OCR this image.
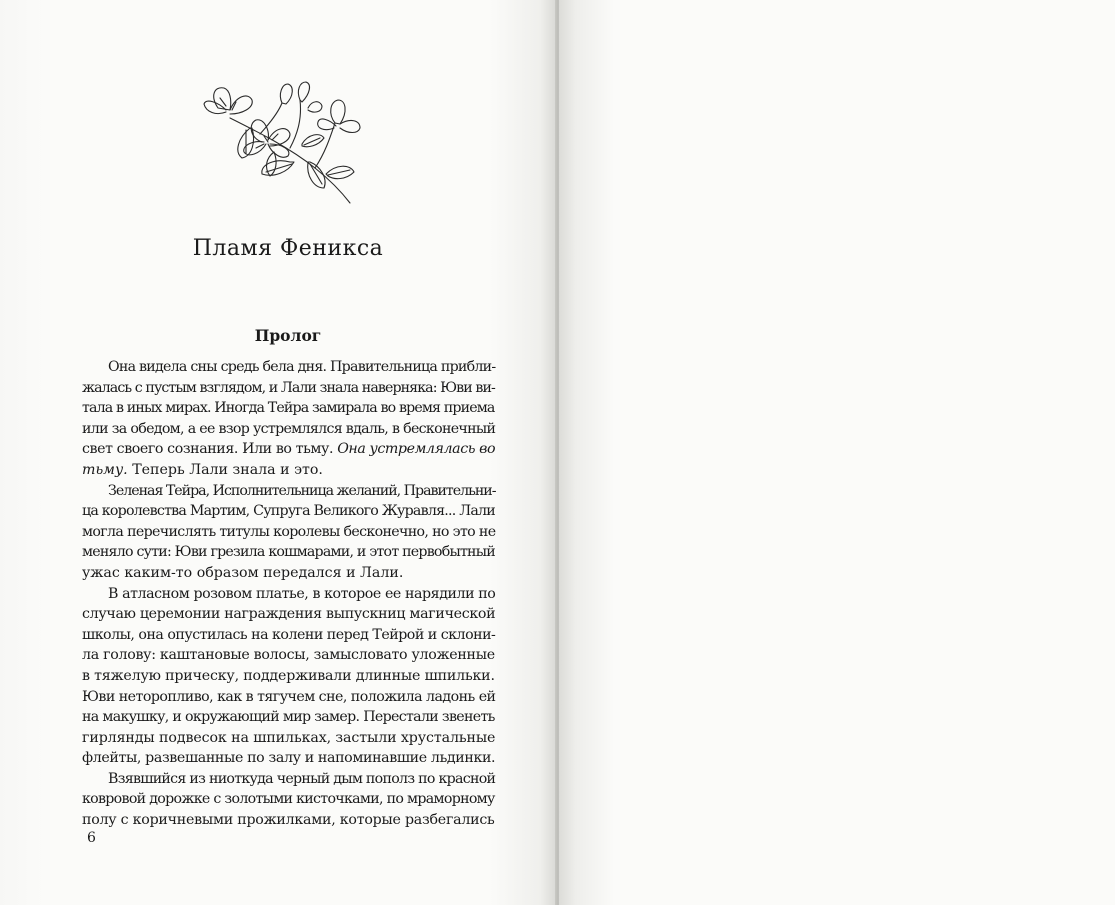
Пламя Феникса
Пролог
Она видела сны средь бела дня. Правительница прибли-
жалась с пустым взглядом, и Лали знала наверняка: Юви ви-
тала в иных мирах. Иногда Тейра замирала во время приема
или за обедом, а ее взор устремлялся вдаль, в бесконечный
свет своего сознания. Или во тьму. Она устремлялась во
тьму. Теперь Лали знала и это.
Зеленая Тейра, Исполнительница желаний, Правительни-
ца королевства Мартим, Супруга Великого Журавля... Лали
могла перечислять титулы королевы бесконечно, но это не
меняло сути: Юви грезила кошмарами, и этот первобытный
ужас каким-то образом передался и Лали.
В атласном розовом платье, в которое ее нарядили по
случаю церемонии награждения выпускниц магической
школы, она опустилась на колени перед Тейрой и склони-
ла голову: каштановые волосы, замысловато уложенные
в тяжелую прическу, поддерживали длинные шпильки.
Юви неторопливо, как в тягучем сне, положила ладонь ей
на макушку, и окружающий мир замер. Перестали звенеть
гирлянды подвесок на шпильках, застыли хрустальные
флейты, развешанные по залу и напоминавшие льдинки.
Взявшийся из ниоткуда черный дым пополз по красной
ковровой дорожке с золотыми кисточками, по мраморному
полу с коричневыми прожилками, которые разбегались
6
